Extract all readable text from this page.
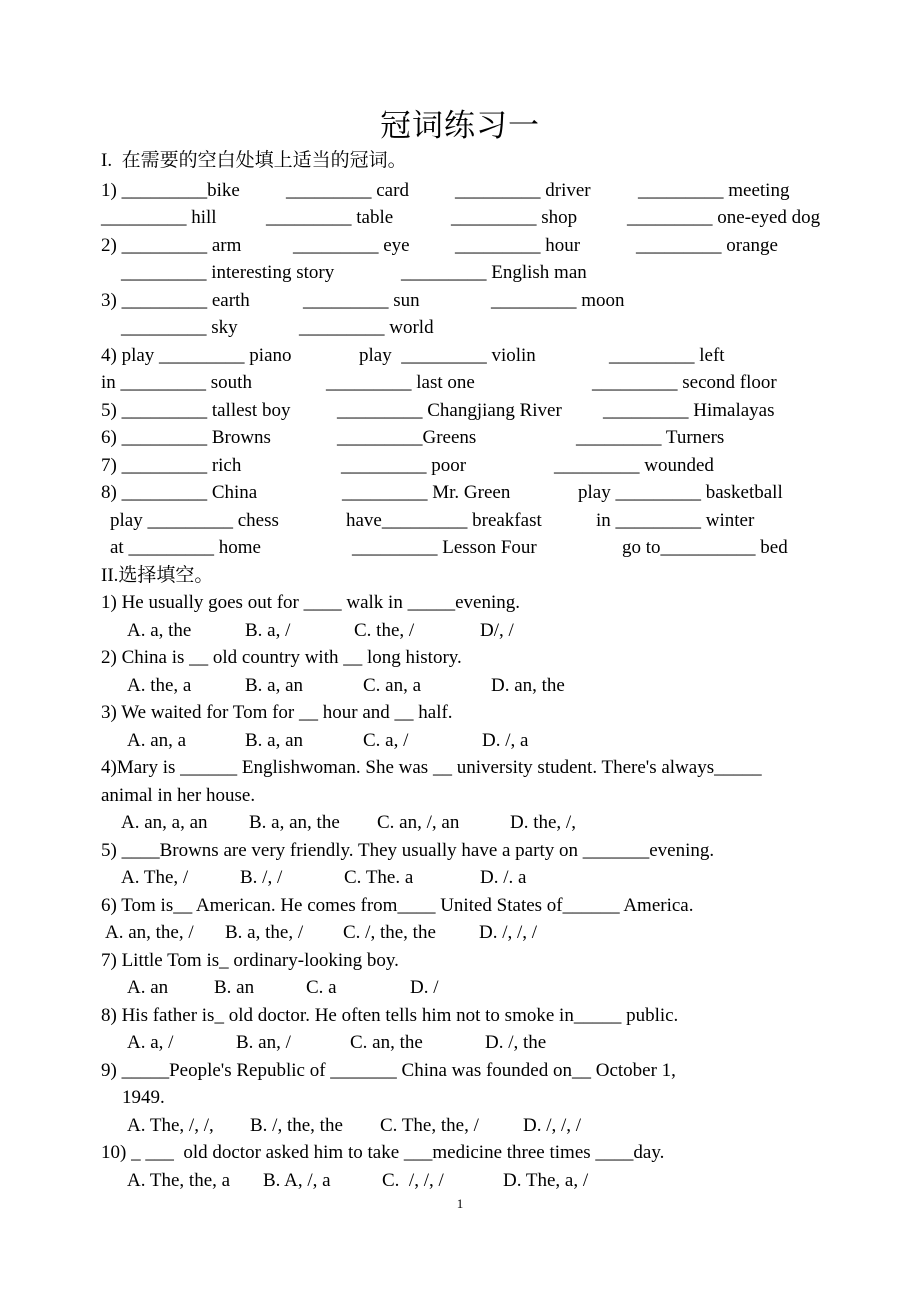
冠词练习一
I.  在需要的空白处填上适当的冠词。
1) _________bike _________ card _________ driver _________ meeting
_________ hill	_________ table	_________ shop	_________ one-eyed dog
2) _________ arm	_________ eye _________ hour	_________ orange
_________ interesting story	_________ English man
3) _________ earth	_________ sun	_________ moon
_________ sky	_________ world
4) play _________ piano	play  _________ violin	_________ left
in _________ south	_________ last one	_________ second floor
5) _________ tallest boy _________ Changjiang River _________ Himalayas
6) _________ Browns	_________Greens	_________ Turners
7) _________ rich	_________ poor	_________ wounded
8) _________ China	_________ Mr. Green	play _________ basketball
play _________ chess	have_________ breakfast	in _________ winter
at _________ home	_________ Lesson Four	go to__________ bed
II.选择填空。
1) He usually goes out for ____ walk in _____evening.
A. a, the	B. a, /	C. the, /	D/, /
2) China is __ old country with __ long history.
A. the, a	B. a, an	C. an, a	D. an, the
3) We waited for Tom for __ hour and __ half.
A. an, a	B. a, an	C. a, /	D. /, a
4)Mary is ______ Englishwoman. She was __ university student. There's always_____
animal in her house.
A. an, a, an B. a, an, the C. an, /, an	D. the, /,
5) ____Browns are very friendly. They usually have a party on _______evening.
A. The, /	B. /, /	C. The. a	D. /. a
6) Tom is__ American. He comes from____ United States of______ America.
A. an, the, / B. a, the, / C. /, the, the D. /, /, /
7) Little Tom is_ ordinary-looking boy.
A. an B. an	C. a	D. /
8) His father is_ old doctor. He often tells him not to smoke in_____ public.
A. a, /	B. an, /	C. an, the	D. /, the
9) _____People's Republic of _______ China was founded on__ October 1,
1949.
A. The, /, /, B. /, the, the C. The, the, / D. /, /, /
10) _ ___  old doctor asked him to take ___medicine three times ____day.
A. The, the, a B. A, /, a	C.  /, /, /	D. The, a, /
1
